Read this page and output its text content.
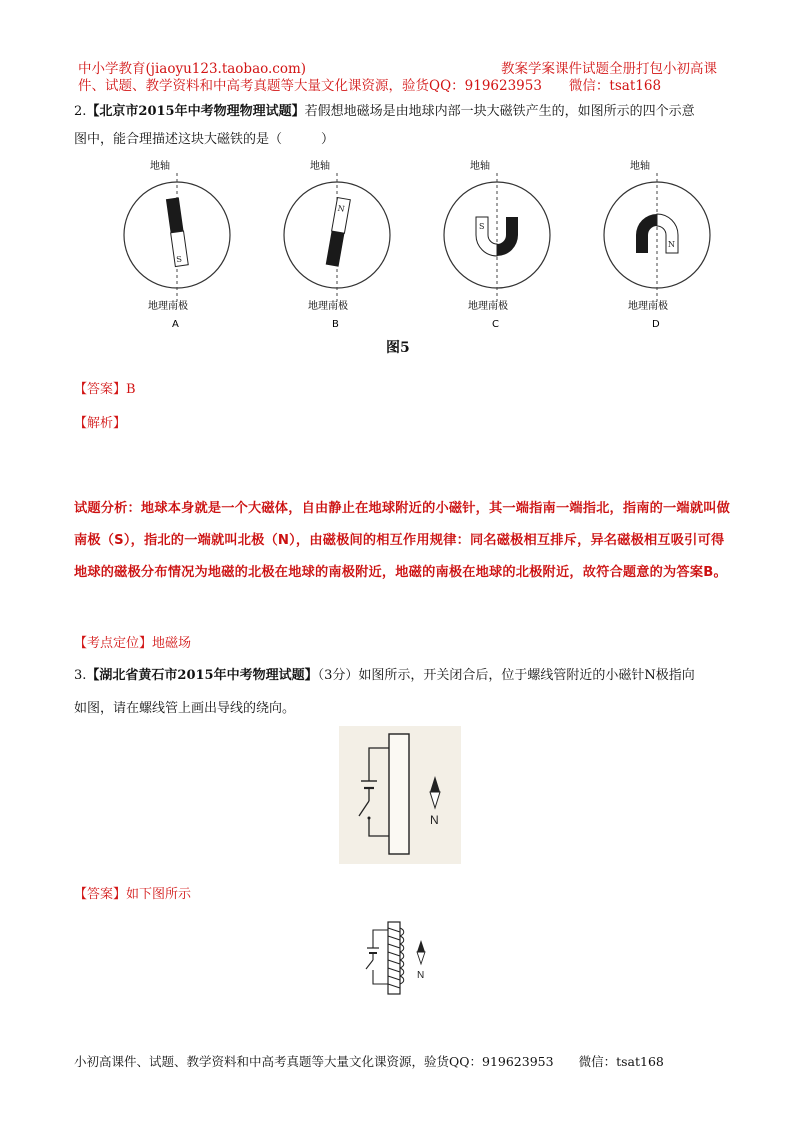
中小学教育(jiaoyu123.taobao.com)	教案学案课件试题全册打包小初高课
件、试题、教学资料和中高考真题等大量文化课资源，验货QQ：919623953　　微信：tsat168
2.【北京市2015年中考物理物理试题】若假想地磁场是由地球内部一块大磁铁产生的，如图所示的四个示意
图中，能合理描述这块大磁铁的是（　　　）
地轴
S
地理南极
A
地轴
N
地理南极
B
地轴
S
地理南极
C
地轴
N
地理南极
D
图5
【答案】B
【解析】
试题分析：地球本身就是一个大磁体，自由静止在地球附近的小磁针，其一端指南一端指北，指南的一端就叫做南极（S），指北的一端就叫北极（N），由磁极间的相互作用规律：同名磁极相互排斥，异名磁极相互吸引可得地球的磁极分布情况为地磁的北极在地球的南极附近，地磁的南极在地球的北极附近，故符合题意的为答案B。
【考点定位】地磁场
3.【湖北省黄石市2015年中考物理试题】（3分）如图所示，开关闭合后，位于螺线管附近的小磁针N极指向
如图，请在螺线管上画出导线的绕向。
N
【答案】如下图所示
N
小初高课件、试题、教学资料和中高考真题等大量文化课资源，验货QQ：919623953　　微信：tsat168
